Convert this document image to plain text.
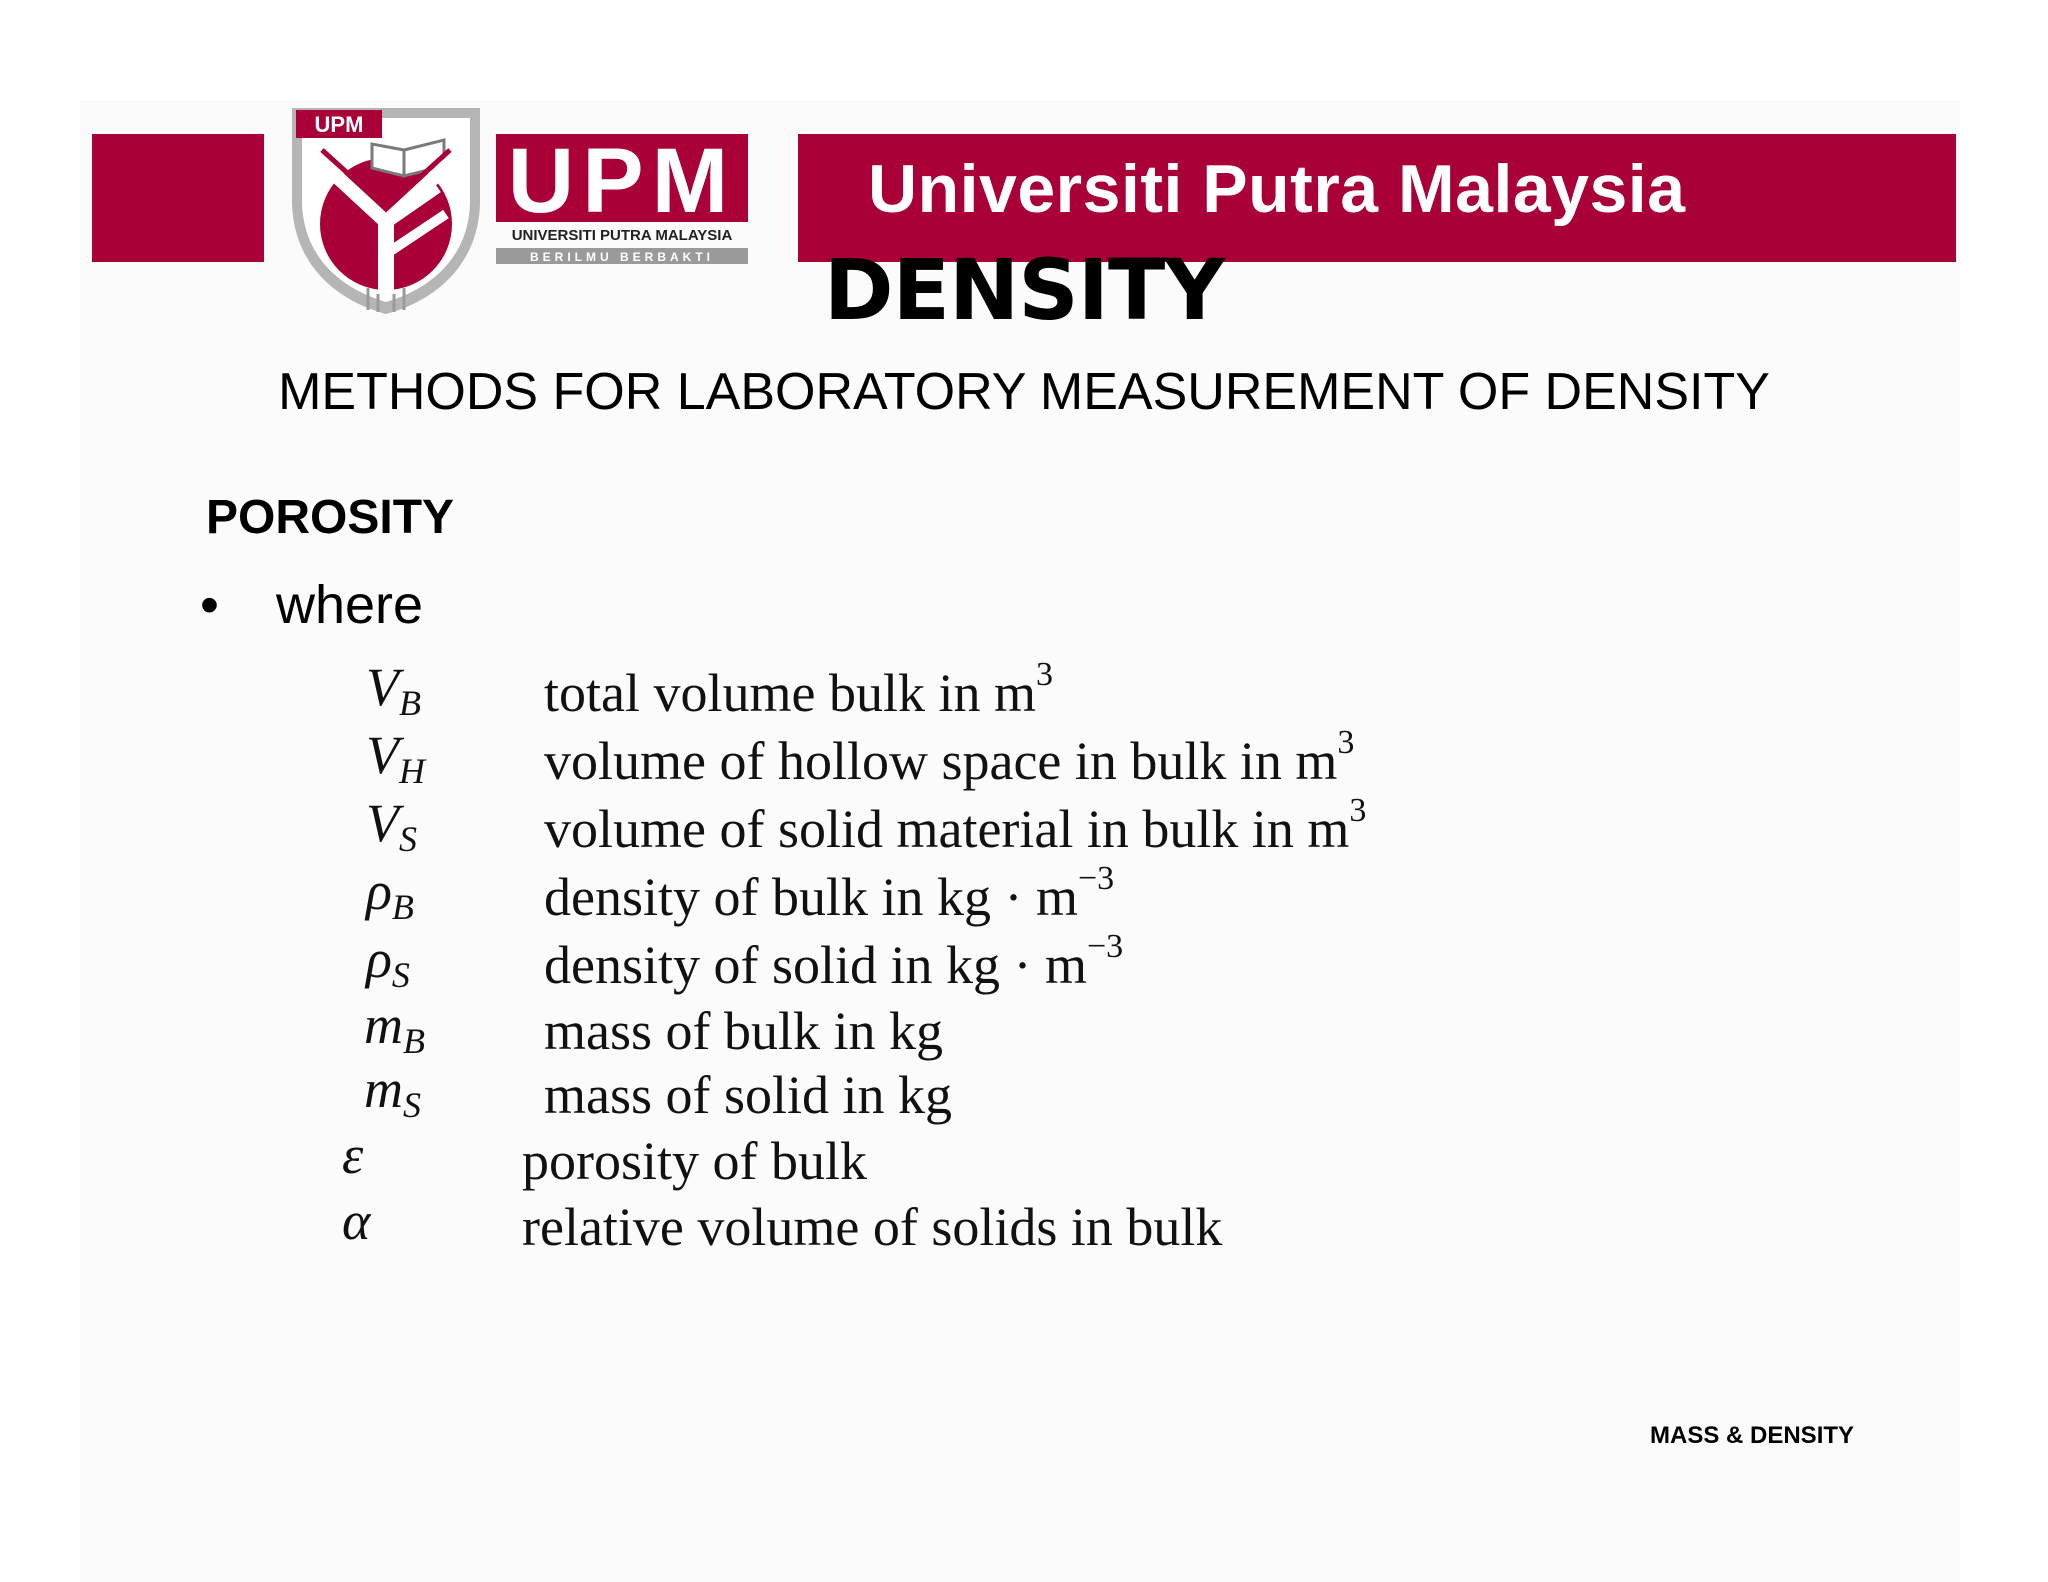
Universiti Putra Malaysia
UPM
UPM
UNIVERSITI PUTRA MALAYSIA
BERILMU BERBAKTI	DENSITY
METHODS FOR LABORATORY MEASUREMENT OF DENSITY
POROSITY
• where
$V_B$ total volume bulk in $m^3$
$V_H$ volume of hollow space in bulk in $m^3$
$V_S$ volume of solid material in bulk in $m^3$
$\rho_B$ density of bulk in kg · $m^{-3}$
$\rho_S$ density of solid in kg · $m^{-3}$
$m_B$ mass of bulk in kg
$m_S$ mass of solid in kg
ε	porosity of bulk
α	relative volume of solids in bulk
MASS & DENSITY
